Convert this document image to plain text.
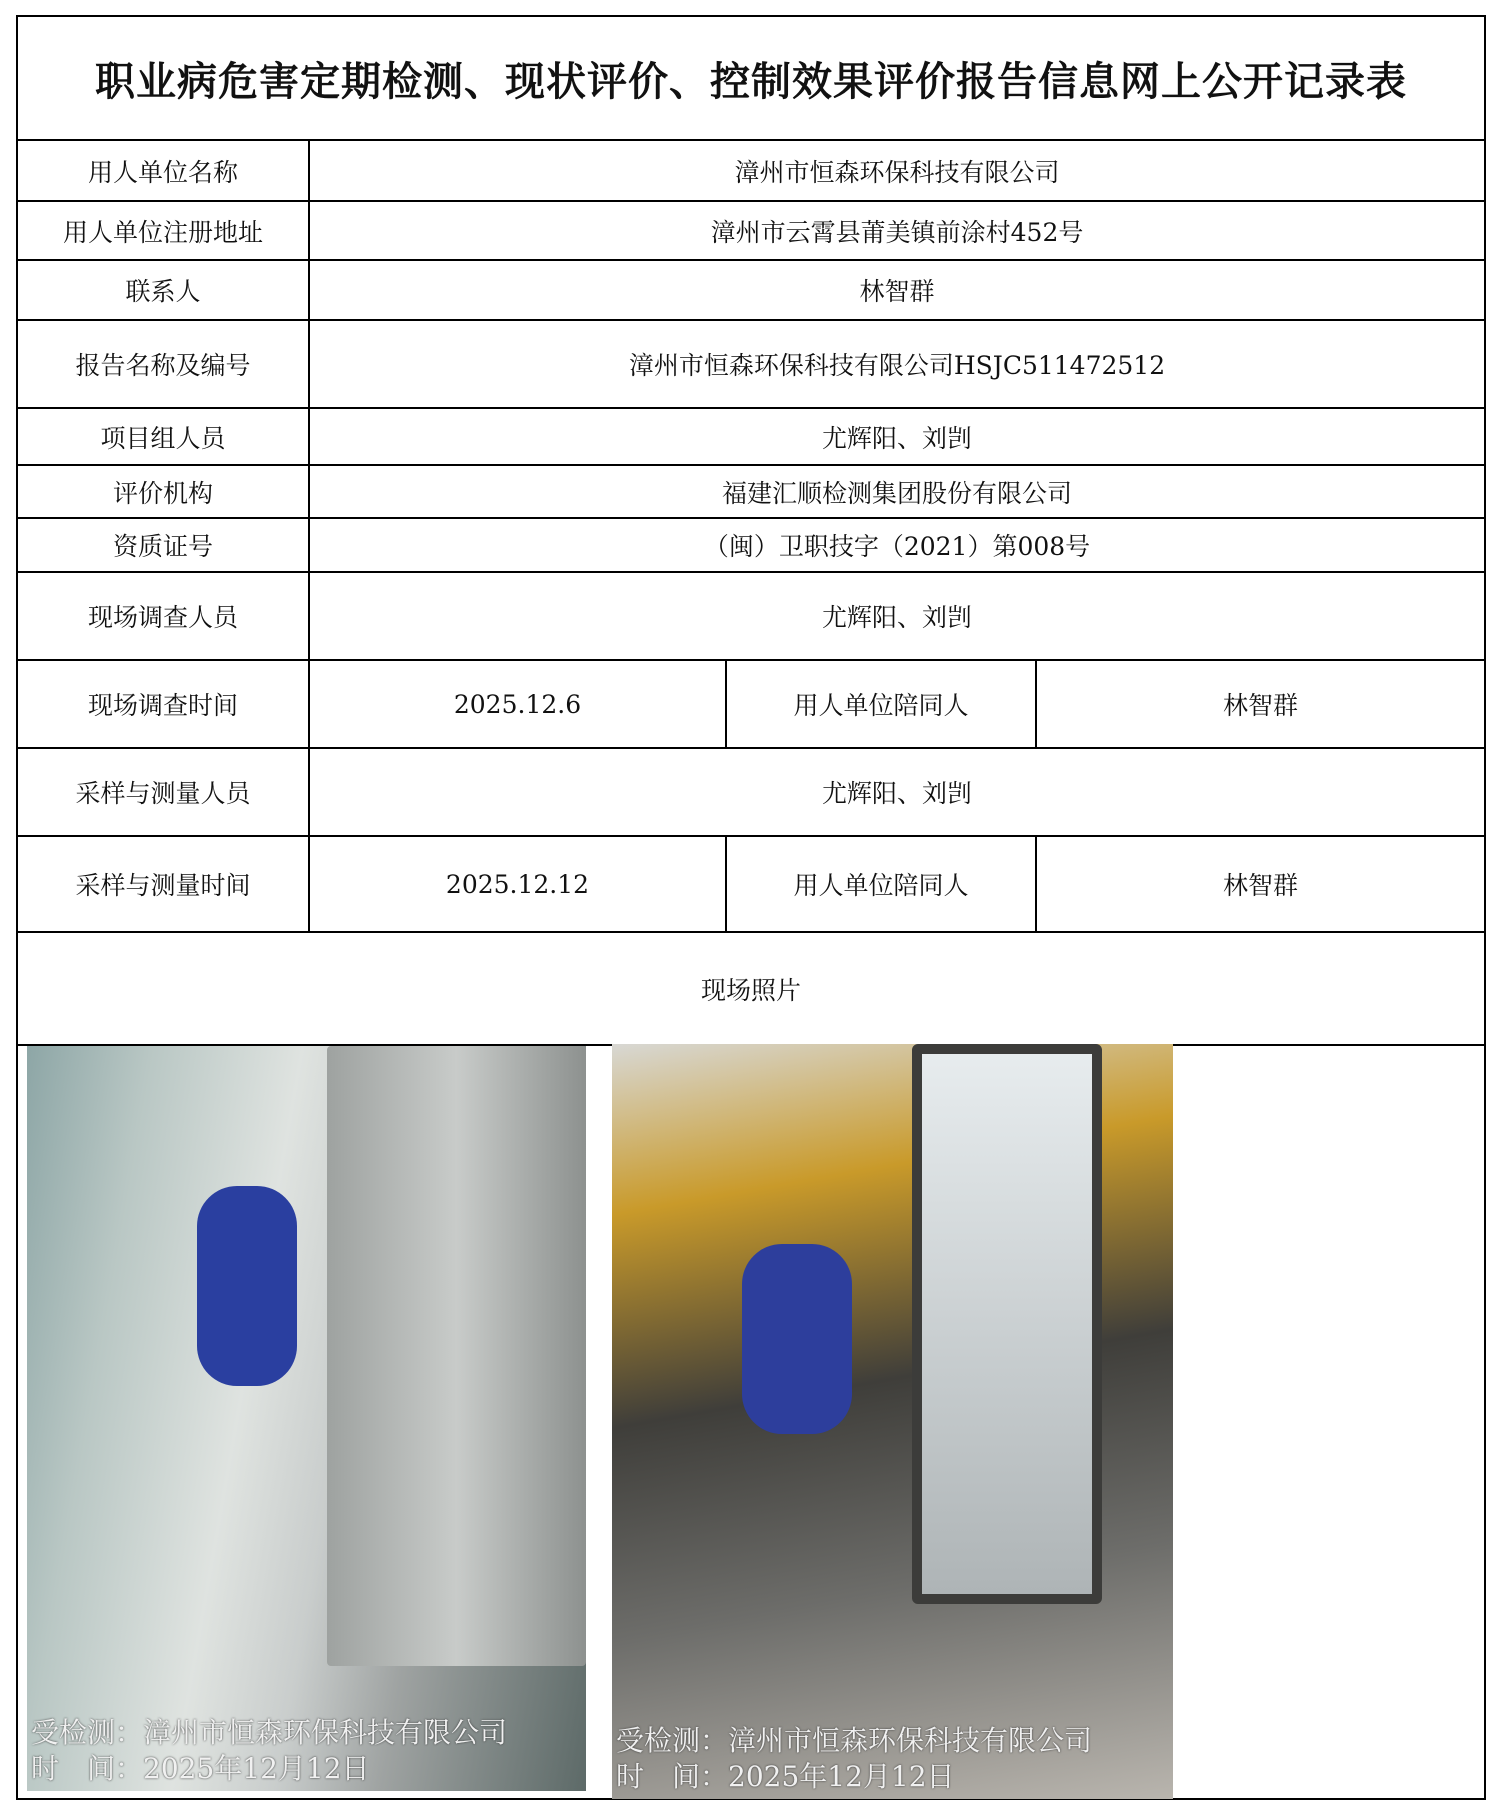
职业病危害定期检测、现状评价、控制效果评价报告信息网上公开记录表
用人单位名称	漳州市恒森环保科技有限公司
用人单位注册地址	漳州市云霄县莆美镇前涂村452号
联系人	林智群
报告名称及编号	漳州市恒森环保科技有限公司HSJC511472512
项目组人员	尤辉阳、刘剀
评价机构	福建汇顺检测集团股份有限公司
资质证号	（闽）卫职技字（2021）第008号
现场调查人员	尤辉阳、刘剀
现场调查时间	2025.12.6	用人单位陪同人	林智群
采样与测量人员	尤辉阳、刘剀
采样与测量时间	2025.12.12	用人单位陪同人	林智群
现场照片
受检测：漳州市恒森环保科技有限公司
时　间：2025年12月12日
受检测：漳州市恒森环保科技有限公司
时　间：2025年12月12日
